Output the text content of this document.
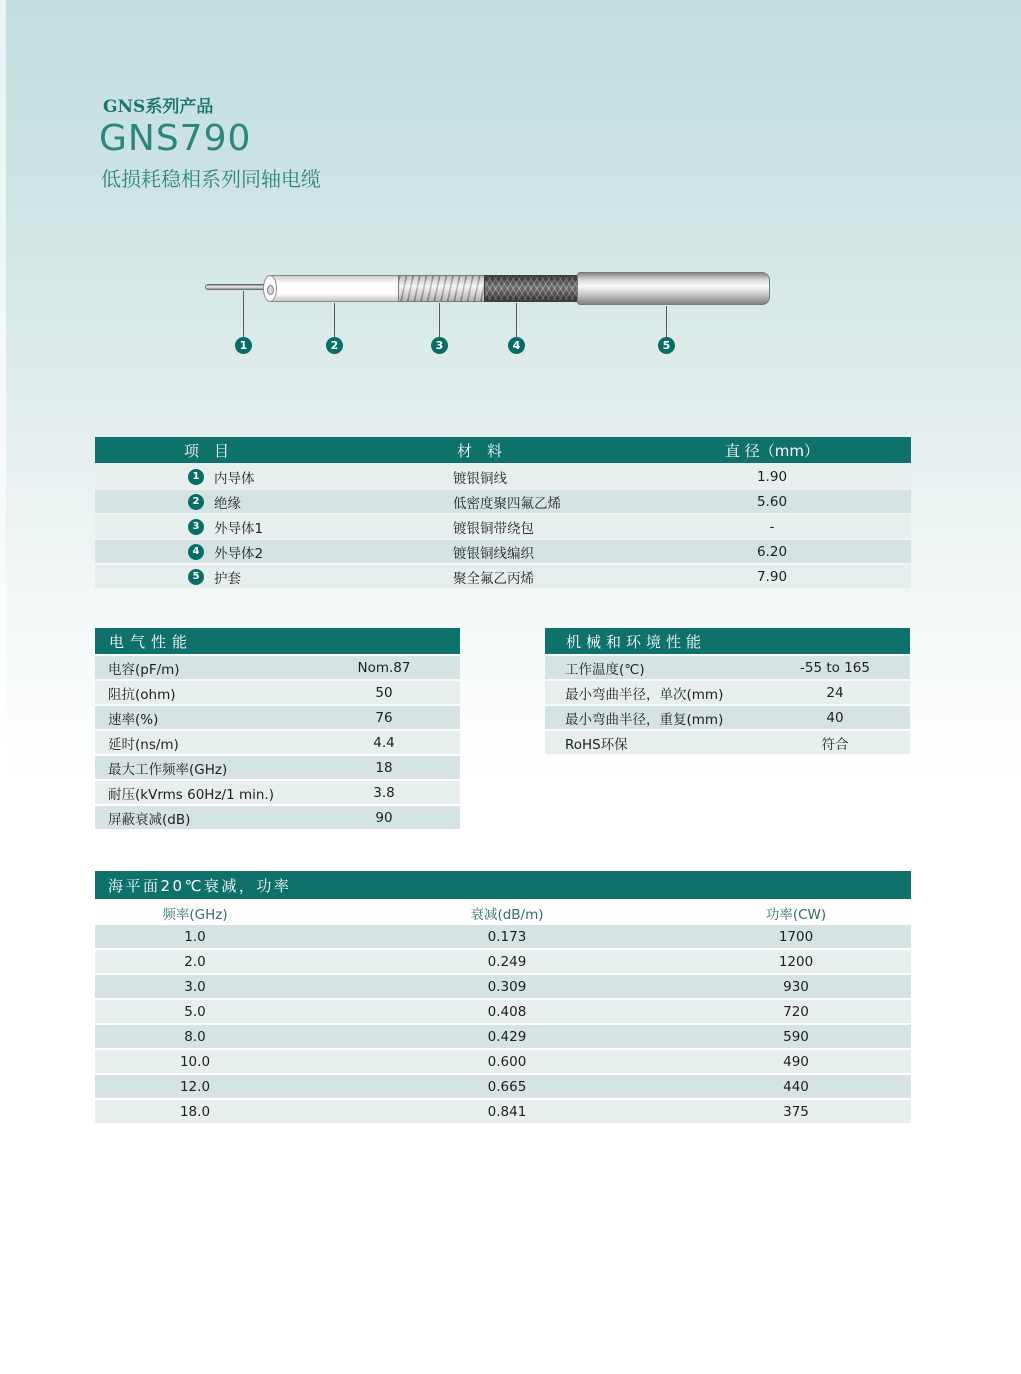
GNS系列产品
GNS790
低损耗稳相系列同轴电缆
1	2	3	4	5
项　目	材　料	直 径（mm）
1	内导体	镀银铜线	1.90
2	绝缘	低密度聚四氟乙烯	5.60
3	外导体1	镀银铜带绕包	-
4	外导体2	镀银铜线编织	6.20
5	护套	聚全氟乙丙烯	7.90
电气性能
电容(pF/m)	Nom.87
阻抗(ohm)	50
速率(%)	76
延时(ns/m)	4.4
最大工作频率(GHz)	18
耐压(kVrms 60Hz/1 min.)	3.8
屏蔽衰减(dB)	90
机械和环境性能
工作温度(℃)	-55 to 165
最小弯曲半径，单次(mm)	24
最小弯曲半径，重复(mm)	40
RoHS环保	符合
海平面20℃衰减，功率
频率(GHz)	衰减(dB/m)	功率(CW)
1.0	0.173	1700
2.0	0.249	1200
3.0	0.309	930
5.0	0.408	720
8.0	0.429	590
10.0	0.600	490
12.0	0.665	440
18.0	0.841	375
